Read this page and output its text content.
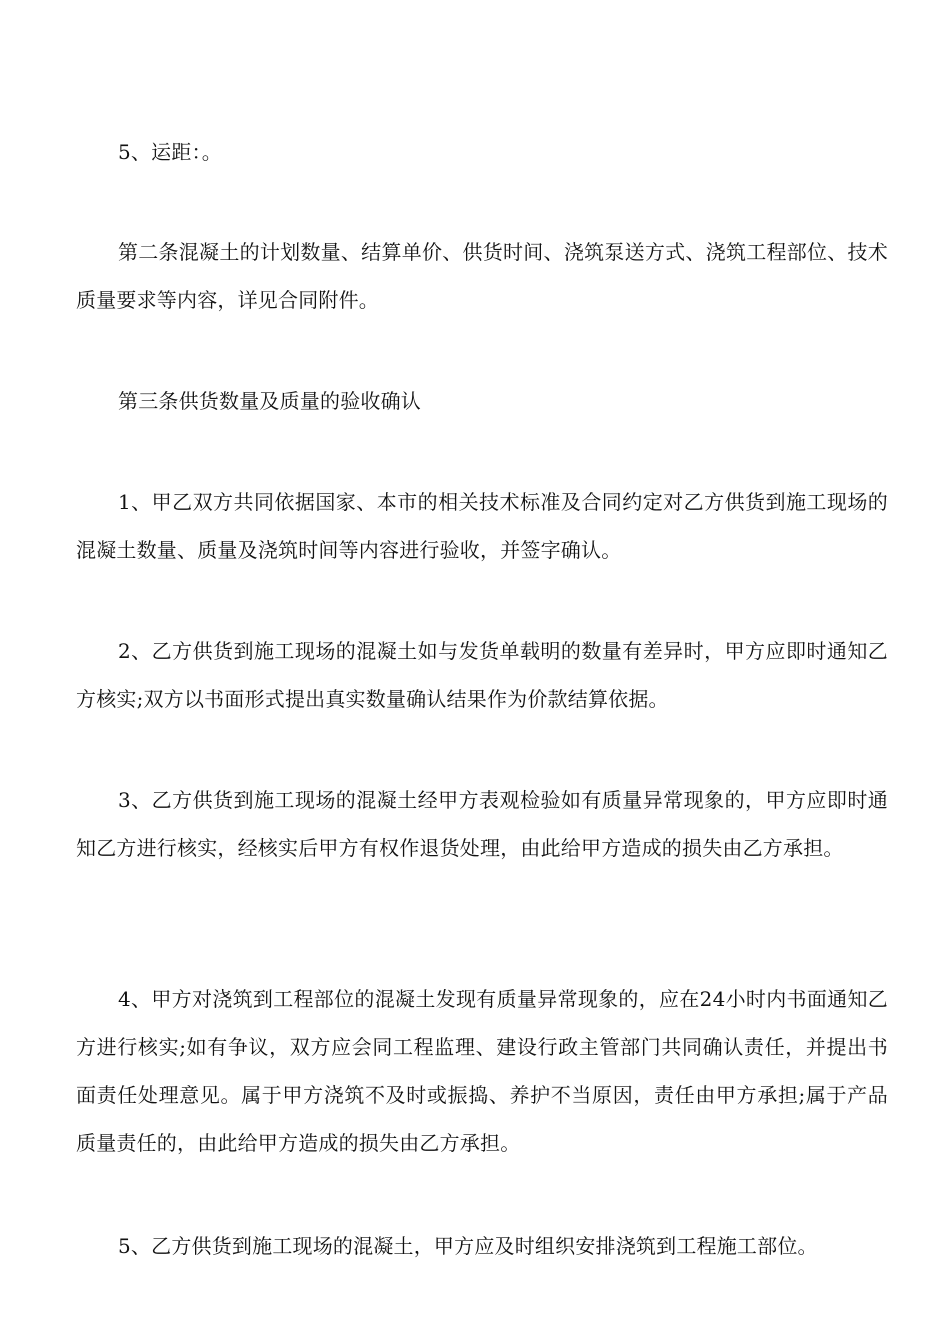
5、运距：。

第二条混凝土的计划数量、结算单价、供货时间、浇筑泵送方式、浇筑工程部位、技术质量要求等内容，详见合同附件。

第三条供货数量及质量的验收确认

1、甲乙双方共同依据国家、本市的相关技术标准及合同约定对乙方供货到施工现场的混凝土数量、质量及浇筑时间等内容进行验收，并签字确认。

2、乙方供货到施工现场的混凝土如与发货单载明的数量有差异时，甲方应即时通知乙方核实;双方以书面形式提出真实数量确认结果作为价款结算依据。

3、乙方供货到施工现场的混凝土经甲方表观检验如有质量异常现象的，甲方应即时通知乙方进行核实，经核实后甲方有权作退货处理，由此给甲方造成的损失由乙方承担。

4、甲方对浇筑到工程部位的混凝土发现有质量异常现象的，应在24小时内书面通知乙方进行核实;如有争议，双方应会同工程监理、建设行政主管部门共同确认责任，并提出书面责任处理意见。属于甲方浇筑不及时或振捣、养护不当原因，责任由甲方承担;属于产品质量责任的，由此给甲方造成的损失由乙方承担。

5、乙方供货到施工现场的混凝土，甲方应及时组织安排浇筑到工程施工部位。
